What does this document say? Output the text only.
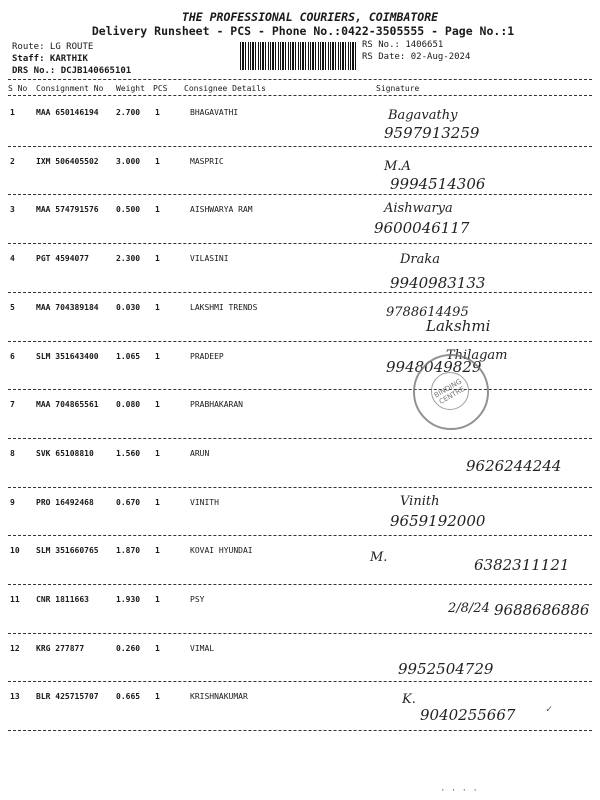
THE PROFESSIONAL COURIERS, COIMBATORE
Delivery Runsheet - PCS - Phone No.:0422-3505555 - Page No.:1
Route: LG ROUTE
Staff: KARTHIK
DRS No.: DCJB140665101
RS No.: 1406651
RS Date: 02-Aug-2024
S No Consignment No Weight PCS Consignee Details	Signature
1	MAA 650146194 2.700 1	BHAGAVATHI	Bagavathy
9597913259
2	IXM 506405502 3.000 1	MASPRIC	M.A
9994514306
3	MAA 574791576 0.500 1	AISHWARYA RAM	Aishwarya
9600046117
4	PGT 4594077	2.300 1	VILASINI	Draka
9940983133
5	MAA 704389184 0.030 1	LAKSHMI TRENDS	9788614495
Lakshmi
6	SLM 351643400 1.065 1	PRADEEP	Thilagam
9948049829
7	MAA 704865561 0.080 1	PRABHAKARAN
8	SVK 65108810	1.560 1	ARUN
9626244244
9	PRO 16492468	0.670 1	VINITH	Vinith
9659192000
10 SLM 351660765 1.870 1	KOVAI HYUNDAI	M.	6382311121
11 CNR 1811663	1.930 1	PSY
2/8/24 9688686886
12 KRG 277877	0.260 1	VIMAL
9952504729
13 BLR 425715707 0.665 1	KRISHNAKUMAR	K.
9040255667
BINDING CENTRE
✓
· · · ·
